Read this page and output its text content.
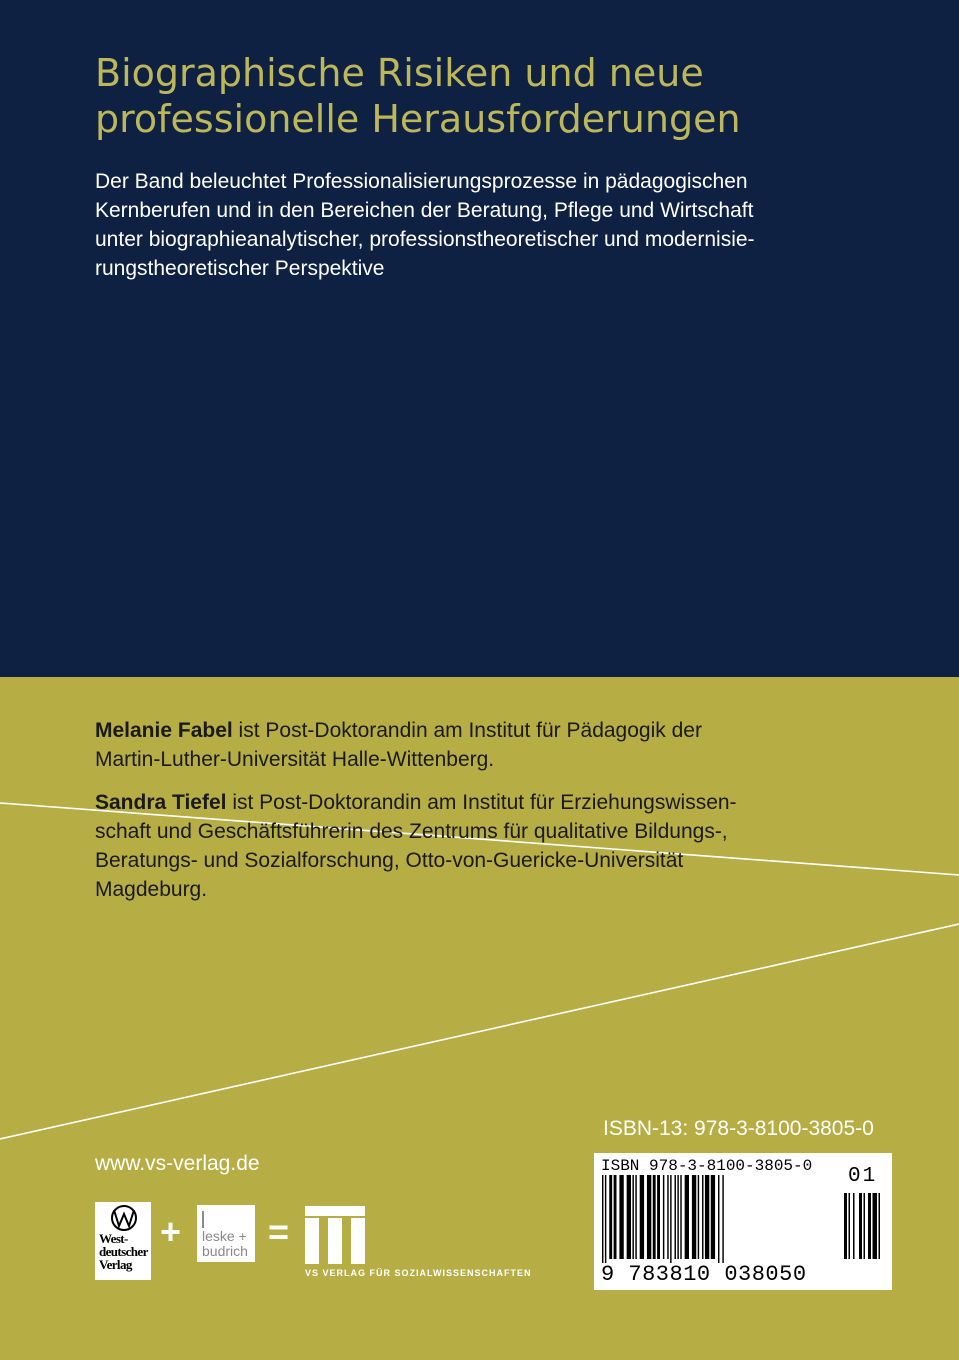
Biographische Risiken und neue
professionelle Herausforderungen
Der Band beleuchtet Professionalisierungsprozesse in pädagogischen
Kernberufen und in den Bereichen der Beratung, Pflege und Wirtschaft
unter biographieanalytischer, professionstheoretischer und modernisie-
rungstheoretischer Perspektive
Melanie Fabel ist Post-Doktorandin am Institut für Pädagogik der
Martin-Luther-Universität Halle-Wittenberg.
Sandra Tiefel ist Post-Doktorandin am Institut für Erziehungswissen-
schaft und Geschäftsführerin des Zentrums für qualitative Bildungs-,
Beratungs- und Sozialforschung, Otto-von-Guericke-Universität
Magdeburg.
ISBN-13: 978-3-8100-3805-0
www.vs-verlag.de	ISBN 978-3-8100-3805-0 01
9 783810 038050
West-
deutscher
Verlag
+ leske +
budrich =
VS VERLAG FÜR SOZIALWISSENSCHAFTEN
